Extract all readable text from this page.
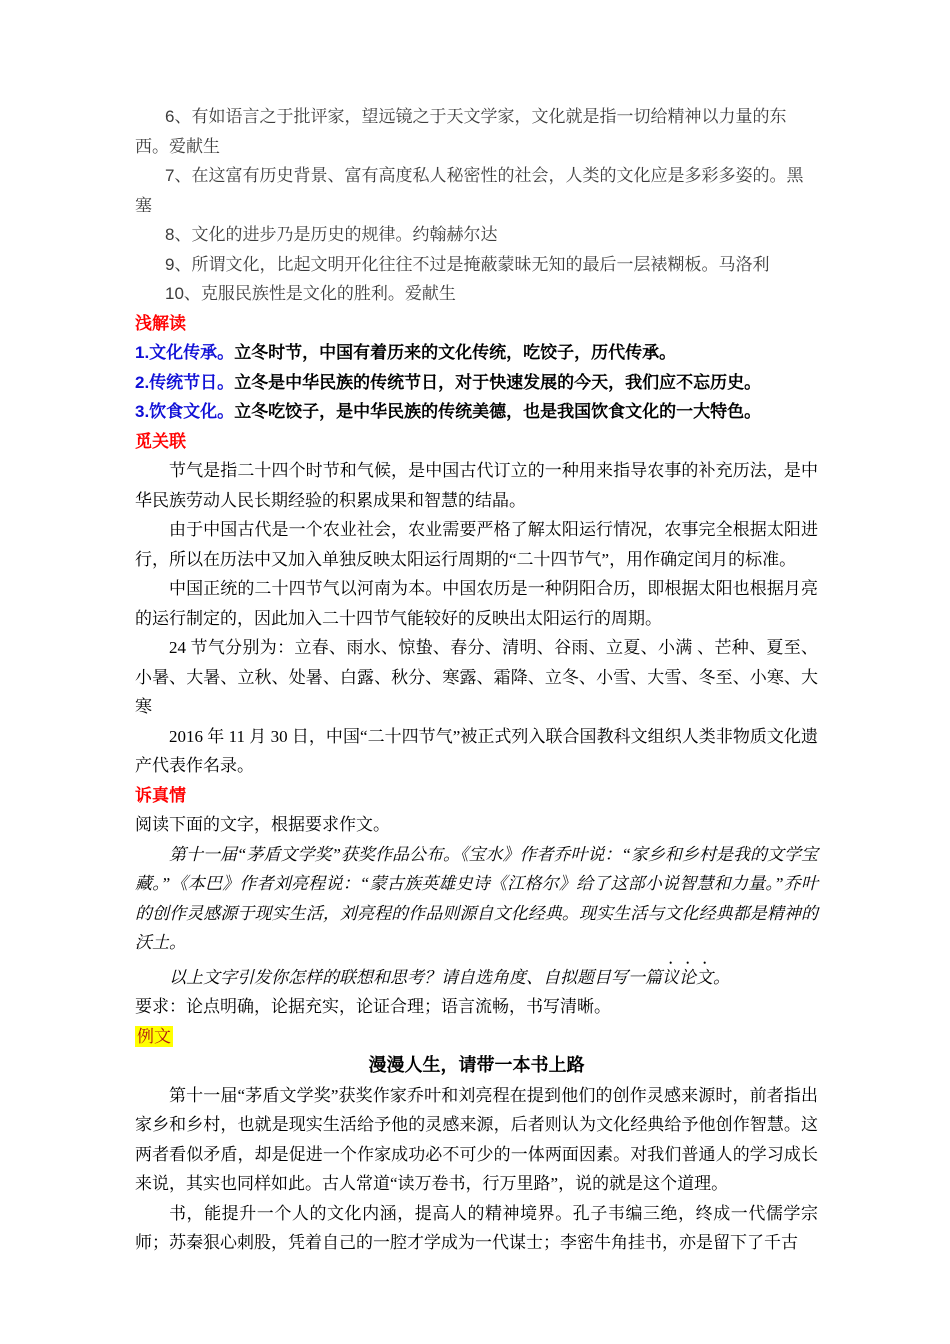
6、有如语言之于批评家，望远镜之于天文学家，文化就是指一切给精神以力量的东西。爱献生

7、在这富有历史背景、富有高度私人秘密性的社会，人类的文化应是多彩多姿的。黑塞

8、文化的进步乃是历史的规律。约翰赫尔达

9、所谓文化，比起文明开化往往不过是掩蔽蒙昧无知的最后一层裱糊板。马洛利

10、克服民族性是文化的胜利。爱献生

浅解读

1.文化传承。立冬时节，中国有着历来的文化传统，吃饺子，历代传承。

2.传统节日。立冬是中华民族的传统节日，对于快速发展的今天，我们应不忘历史。

3.饮食文化。立冬吃饺子，是中华民族的传统美德，也是我国饮食文化的一大特色。

觅关联

节气是指二十四个时节和气候，是中国古代订立的一种用来指导农事的补充历法，是中华民族劳动人民长期经验的积累成果和智慧的结晶。

由于中国古代是一个农业社会，农业需要严格了解太阳运行情况，农事完全根据太阳进行，所以在历法中又加入单独反映太阳运行周期的“二十四节气”，用作确定闰月的标准。

中国正统的二十四节气以河南为本。中国农历是一种阴阳合历，即根据太阳也根据月亮的运行制定的，因此加入二十四节气能较好的反映出太阳运行的周期。

24 节气分别为：立春、雨水、惊蛰、春分、清明、谷雨、立夏、小满 、芒种、夏至、小暑、大暑、立秋、处暑、白露、秋分、寒露、霜降、立冬、小雪、大雪、冬至、小寒、大寒

2016 年 11 月 30 日，中国“二十四节气”被正式列入联合国教科文组织人类非物质文化遗产代表作名录。

诉真情

阅读下面的文字，根据要求作文。

第十一届“茅盾文学奖”获奖作品公布。《宝水》作者乔叶说：“家乡和乡村是我的文学宝藏。”《本巴》作者刘亮程说：“蒙古族英雄史诗《江格尔》给了这部小说智慧和力量。”乔叶的创作灵感源于现实生活，刘亮程的作品则源自文化经典。现实生活与文化经典都是精神的沃土。

以上文字引发你怎样的联想和思考？请自选角度、自拟题目写一篇议论文。

要求：论点明确，论据充实，论证合理；语言流畅，书写清晰。

例文

漫漫人生，请带一本书上路

第十一届“茅盾文学奖”获奖作家乔叶和刘亮程在提到他们的创作灵感来源时，前者指出家乡和乡村，也就是现实生活给予他的灵感来源，后者则认为文化经典给予他创作智慧。这两者看似矛盾，却是促进一个作家成功必不可少的一体两面因素。对我们普通人的学习成长来说，其实也同样如此。古人常道“读万卷书，行万里路”，说的就是这个道理。

书，能提升一个人的文化内涵，提高人的精神境界。孔子韦编三绝，终成一代儒学宗师；苏秦狠心刺股，凭着自己的一腔才学成为一代谋士；李密牛角挂书，亦是留下了千古
